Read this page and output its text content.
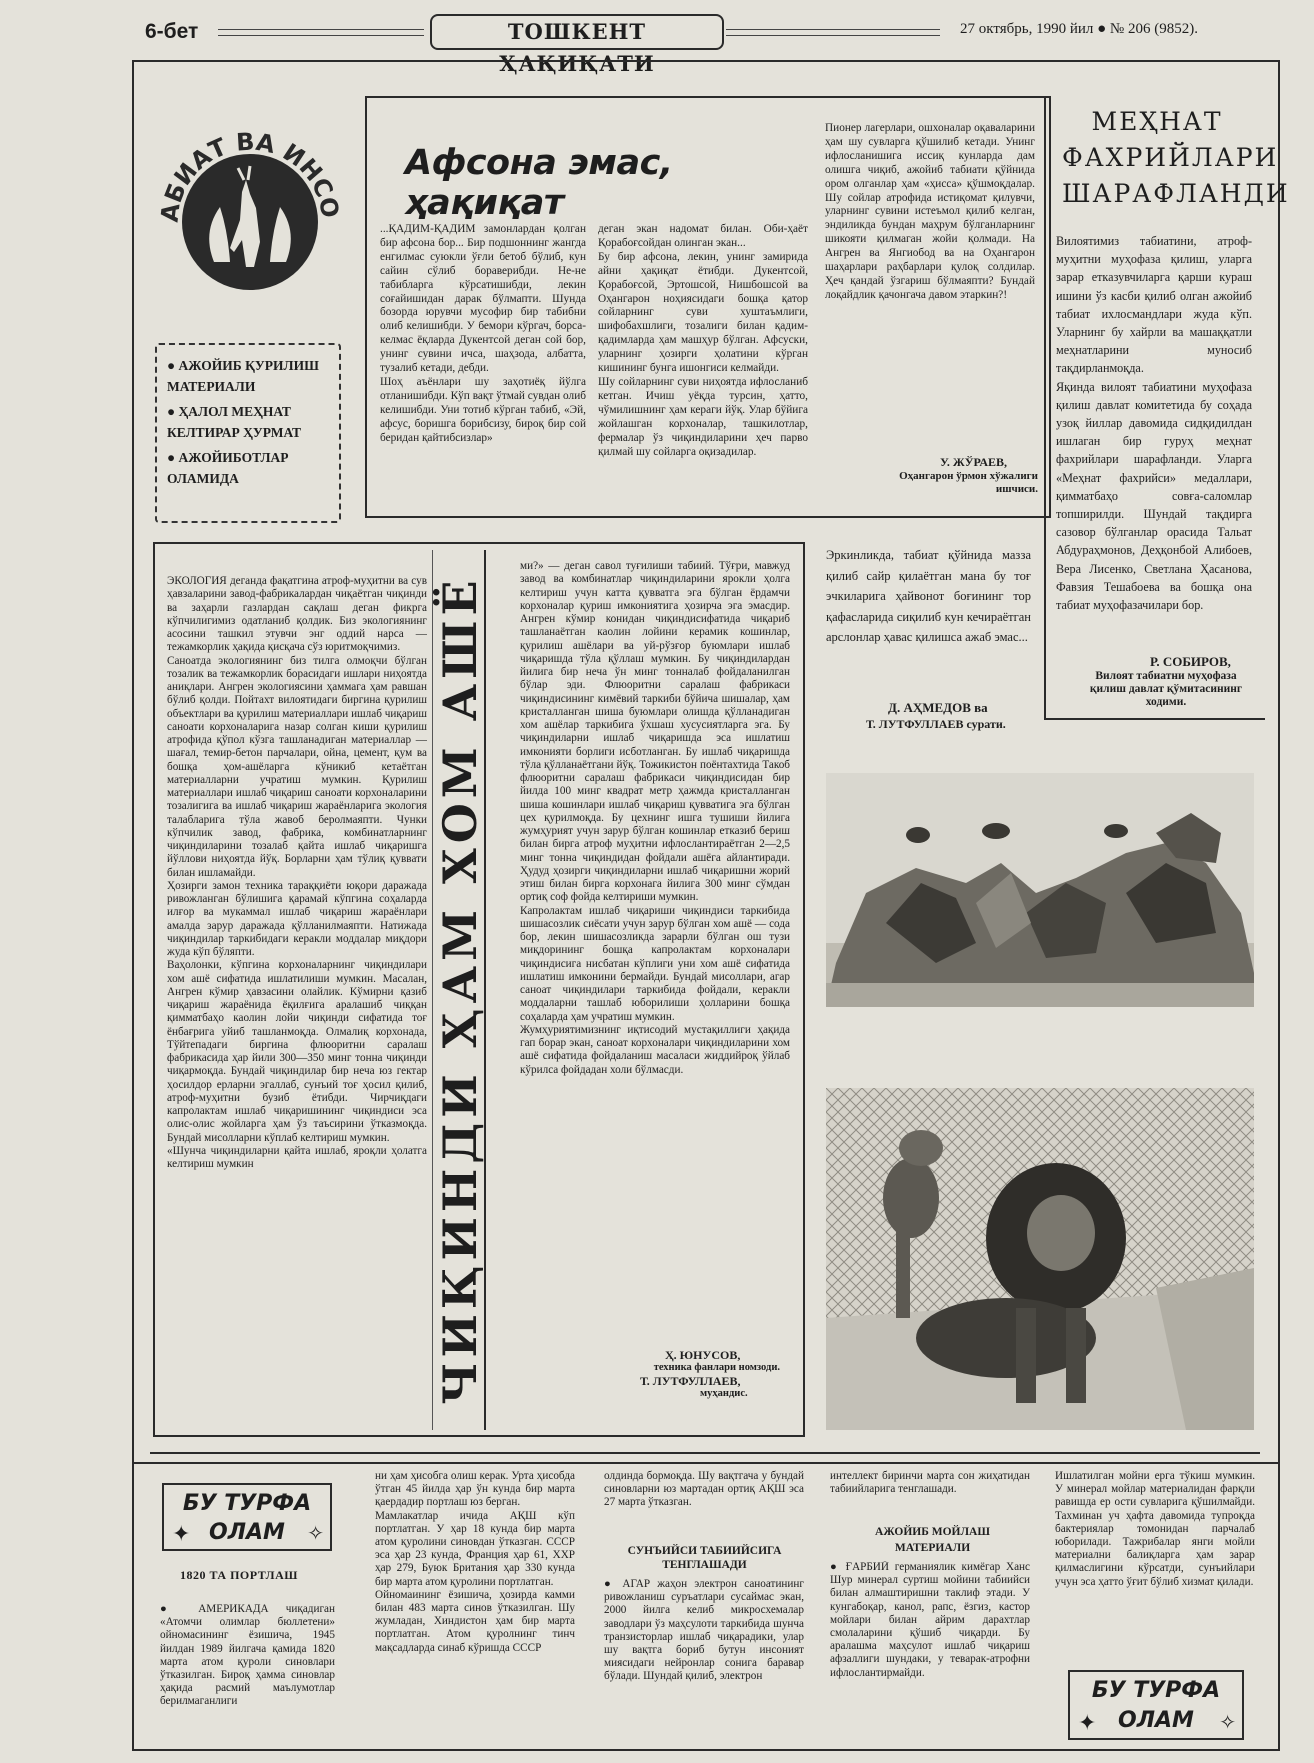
6-бет	ТОШКЕНТ ҲАҚИҚАТИ
27 октябрь, 1990 йил ● № 206 (9852).
АБИАТ ВА ИНСО
● АЖОЙИБ ҚУРИЛИШ МАТЕРИАЛИ
● ҲАЛОЛ МЕҲНАТ КЕЛТИРАР ҲУРМАТ
● АЖОЙИБОТЛАР ОЛАМИДА
Афсона эмас, ҳақиқат
...ҚАДИМ-ҚАДИМ замонлардан қолган бир афсона бор... Бир подшоннинг жангда енгилмас суюкли ўғли бетоб бўлиб, кун сайин сўлиб бораверибди. Не-не табибларга кўрсатишибди, лекин соғайишидан дарак бўлмапти. Шунда бозорда юрувчи мусофир бир табибни олиб келишибди. У бемори кўргач, борса-келмас ёқларда Дукентсой деган сой бор, унинг сувини ичса, шаҳзода, албатта, тузалиб кетади, дебди.
Шоҳ аъёнлари шу заҳотиёқ йўлга отланишибди. Кўп вақт ўтмай сувдан олиб келишибди. Уни тотиб кўрган табиб, «Эй, афсус, боришга борибсизу, бироқ бир сой беридан қайтибсизлар»
деган экан надомат билан. Оби-ҳаёт Қорабоғсойдан олинган экан...
Бу бир афсона, лекин, унинг замирида айни ҳақиқат ётибди. Дукентсой, Қорабоғсой, Эртошсой, Нишбошсой ва Оҳангарон ноҳиясидаги бошқа қатор сойларнинг суви хуштаъмлиги, шифобахшлиги, тозалиги билан қадим-қадимларда ҳам машҳур бўлган. Афсуски, уларнинг ҳозирги ҳолатини кўрган кишининг бунга ишонгиси келмайди.
Шу сойларнинг суви ниҳоятда ифлосланиб кетган. Ичиш уёқда турсин, ҳатто, чўмилишнинг ҳам кераги йўқ. Улар бўйига жойлашган корхоналар, ташкилотлар, фермалар ўз чиқиндиларини ҳеч парво қилмай шу сойларга оқизадилар.
Пионер лагерлари, ошхоналар оқаваларини ҳам шу сувларга қўшилиб кетади. Унинг ифлосланишига иссиқ кунларда дам олишга чиқиб, ажойиб табиати қўйнида ором олганлар ҳам «ҳисса» қўшмоқдалар. Шу сойлар атрофида истиқомат қилувчи, уларнинг сувини истеъмол қилиб келган, эндиликда бундан маҳрум бўлганларнинг шикояти қилмаган жойи қолмади. На Ангрен ва Янгиобод ва на Оҳангарон шаҳарлари раҳбарлари қулоқ солдилар. Ҳеч қандай ўзгариш бўлмаяпти? Бундай лоқайдлик қачонгача давом этаркин?!
У. ЖЎРАЕВ,
Оҳангарон ўрмон хўжалиги ишчиси.
МЕҲНАТ ФАХРИЙЛАРИ ШАРАФЛАНДИ
Вилоятимиз табиатини, атроф-муҳитни муҳофаза қилиш, уларга зарар етказувчиларга қарши кураш ишини ўз касби қилиб олган ажойиб табиат ихлосмандлари жуда кўп. Уларнинг бу хайрли ва машаққатли меҳнатларини муносиб тақдирланмоқда.
Яқинда вилоят табиатини муҳофаза қилиш давлат комитетида бу соҳада узоқ йиллар давомида сидқидилдан ишлаган бир гуруҳ меҳнат фахрийлари шарафланди. Уларга «Меҳнат фахрийси» медаллари, қимматбаҳо совға-саломлар топширилди. Шундай тақдирга сазовор бўлганлар орасида Тальат Абдураҳмонов, Деҳқонбой Алибоев, Вера Лисенко, Светлана Ҳасанова, Фавзия Тешабоева ва бошқа она табиат муҳофазачилари бор.
Р. СОБИРОВ,
Вилоят табиатни муҳофаза қилиш давлат қўмитасининг ходими.
Эркинликда, табиат қўйнида мазза қилиб сайр қилаётган мана бу тоғ эчкиларига ҳайвонот боғининг тор қафасларида сиқилиб кун кечираётган арслонлар ҳавас қилишса ажаб эмас...
Д. АҲМЕДОВ ва
Т. ЛУТФУЛЛАЕВ сурати.
ЧИҚИНДИ ҲАМ ХОМ АШЁ
ЭКОЛОГИЯ деганда фақатгина атроф-муҳитни ва сув ҳавзаларини завод-фабрикалардан чиқаётган чиқинди ва заҳарли газлардан сақлаш деган фикрга кўпчилигимиз одатланиб қолдик. Биз экологиянинг асосини ташкил этувчи энг оддий нарса — тежамкорлик ҳақида қисқача сўз юритмоқчимиз.
Саноатда экологиянинг биз тилга олмоқчи бўлган тозалик ва тежамкорлик борасидаги ишлари ниҳоятда аниқлари. Ангрен экологиясини ҳаммага ҳам равшан бўлиб қолди. Пойтахт вилоятидаги биргина қурилиш объектлари ва қурилиш материаллари ишлаб чиқариш саноати корхоналарига назар солган киши қурилиш атрофида қўпол кўзга ташланадиган материаллар — шағал, темир-бетон парчалари, ойна, цемент, қум ва бошқа ҳом-ашёларга кўникиб кетаётган материалларни учратиш мумкин. Қурилиш материаллари ишлаб чиқариш саноати корхоналарини тозалигига ва ишлаб чиқариш жараёнларига экология талабларига тўла жавоб беролмаяпти. Чунки кўпчилик завод, фабрика, комбинатларнинг чиқиндиларини тозалаб қайта ишлаб чиқаришга йўллови ниҳоятда йўқ. Борларни ҳам тўлиқ қуввати билан ишламайди.
Ҳозирги замон техника тараққиёти юқори даражада ривожланган бўлишига қарамай кўпгина соҳаларда илғор ва мукаммал ишлаб чиқариш жараёнлари амалда зарур даражада қўлланилмаяпти. Натижада чиқиндилар таркибидаги керакли моддалар миқдори жуда кўп бўляпти.
Ваҳолонки, кўпгина корхоналарнинг чиқиндилари хом ашё сифатида ишлатилиши мумкин. Масалан, Ангрен кўмир ҳавзасини олайлик. Кўмирни қазиб чиқариш жараёнида ёқилғига аралашиб чиққан қимматбаҳо каолин лойи чиқинди сифатида тоғ ёнбағрига уйиб ташланмоқда. Олмалиқ корхонада, Тўйтепадаги биргина флюоритни саралаш фабрикасида ҳар йили 300—350 минг тонна чиқинди чиқармоқда. Бундай чиқиндилар бир неча юз гектар ҳосилдор ерларни эгаллаб, сунъий тоғ ҳосил қилиб, атроф-муҳитни бузиб ётибди. Чирчиқдаги капролактам ишлаб чиқаришининг чиқиндиси эса олис-олис жойларга ҳам ўз таъсирини ўтказмоқда. Бундай мисолларни кўплаб келтириш мумкин.
«Шунча чиқиндиларни қайта ишлаб, яроқли ҳолатга келтириш мумкин
ми?» — деган савол туғилиши табиий. Тўғри, мавжуд завод ва комбинатлар чиқиндиларини ярокли ҳолга келтириш учун катта қувватга эга бўлган ёрдамчи корхоналар қуриш имкониятига ҳозирча эга эмасдир. Ангрен кўмир конидан чиқиндисифатида чиқариб ташланаётган каолин лойини керамик кошинлар, қурилиш ашёлари ва уй-рўзғор буюмлари ишлаб чиқаришда тўла қўллаш мумкин. Бу чиқиндилардан йилига бир неча ўн минг тонналаб фойдаланилган бўлар эди. Флюоритни саралаш фабрикаси чиқиндисининг кимёвий таркиби бўйича шишалар, ҳам кристалланган шиша буюмлари олишда қўлланадиган хом ашёлар таркибига ўхшаш хусусиятларга эга. Бу чиқиндиларни ишлаб чиқаришда эса ишлатиш имконияти борлиги исботланган. Бу ишлаб чиқаришда тўла қўлланаётгани йўқ. Тожикистон поёнтахтида Такоб флюоритни саралаш фабрикаси чиқиндисидан бир йилда 100 минг квадрат метр ҳажмда кристалланган шиша кошинлари ишлаб чиқариш қувватига эга бўлган цех қурилмоқда. Бу цехнинг ишга тушиши йилига жумҳурият учун зарур бўлган кошинлар етказиб бериш билан бирга атроф муҳитни ифлослантираётган 2—2,5 минг тонна чиқиндидан фойдали ашёга айлантиради. Ҳудуд ҳозирги чиқиндиларни ишлаб чиқаришни жорий этиш билан бирга корхонага йилига 300 минг сўмдан ортиқ соф фойда келтириши мумкин.
Капролактам ишлаб чиқариши чиқиндиси таркибида шишасозлик сиёсати учун зарур бўлган хом ашё — сода бор, лекин шишасозликда зарарли бўлган ош тузи миқдорининг бошқа капролактам корхоналари чиқиндисига нисбатан кўплиги уни хом ашё сифатида ишлатиш имконини бермайди. Бундай мисоллари, агар саноат чиқиндилари таркибида фойдали, керакли моддаларни ташлаб юборилиши ҳолларини бошқа соҳаларда ҳам учратиш мумкин.
Жумҳуриятимизнинг иқтисодий мустақиллиги ҳақида гап борар экан, саноат корхоналари чиқиндиларини хом ашё сифатида фойдаланиш масаласи жиддийроқ ўйлаб кўрилса фойдадан холи бўлмасди.
Ҳ. ЮНУСОВ,
техника фанлари номзоди.
Т. ЛУТФУЛЛАЕВ,
муҳандис.
БУ ТУРФА ОЛАМ
✦	✧
1820 ТА ПОРТЛАШ
● АМЕРИКАДА чиқадиган «Атомчи олимлар бюллетени» ойномасининг ёзишича, 1945 йилдан 1989 йилгача қамида 1820 марта атом қуроли синовлари ўтказилган. Бироқ ҳамма синовлар ҳақида расмий маълумотлар берилмаганлиги
ни ҳам ҳисобга олиш керак. Урта ҳисобда ўтган 45 йилда ҳар ўн кунда бир марта қаердадир портлаш юз берган.
Мамлакатлар ичида АҚШ кўп портлатган. У ҳар 18 кунда бир марта атом қуролини синовдан ўтказган. СССР эса ҳар 23 кунда, Франция ҳар 61, ХХР ҳар 279, Буюк Британия ҳар 330 кунда бир марта атом қуролини портлатган.
Ойномаининг ёзишича, ҳозирда камми билан 483 марта синов ўтказилган. Шу жумладан, Хиндистон ҳам бир марта портлатган. Атом қуролнинг тинч мақсадларда синаб кўришда СССР
олдинда бормоқда. Шу вақтгача у бундай синовларни юз мартадан ортиқ АҚШ эса 27 марта ўтказган.
СУНЪИЙСИ ТАБИИЙСИГА ТЕНГЛАШАДИ
● АГАР жаҳон электрон саноатининг ривожланиш суръатлари сусаймас экан, 2000 йилга келиб микросхемалар заводлари ўз маҳсулоти таркибида шунча транзисторлар ишлаб чиқарадики, улар шу вақтга бориб бутун инсоният миясидаги нейронлар сонига баравар бўлади. Шундай қилиб, электрон
интеллект биринчи марта сон жиҳатидан табиийларига тенглашади.
АЖОЙИБ МОЙЛАШ МАТЕРИАЛИ
● ҒАРБИЙ германиялик кимёгар Ханс Шур минерал суртиш мойини табиийси билан алмаштиришни таклиф этади. У кунгабоқар, канол, рапс, ёзгиз, кастор мойлари билан айрим дарахтлар смолаларини қўшиб чиқарди. Бу аралашма маҳсулот ишлаб чиқариш афзаллиги шундаки, у теварак-атрофни ифлослантирмайди.
Ишлатилган мойни ерга тўкиш мумкин. У минерал мойлар материалидан фарқли равишда ер ости сувларига қўшилмайди. Тахминан уч ҳафта давомида тупроқда бактериялар томонидан парчалаб юборилади. Тажрибалар янги мойли материални балиқларга ҳам зарар қилмаслигини кўрсатди, сунъийлари учун эса ҳатто ўғит бўлиб хизмат қилади.
БУ ТУРФА ОЛАМ
✦	✧
